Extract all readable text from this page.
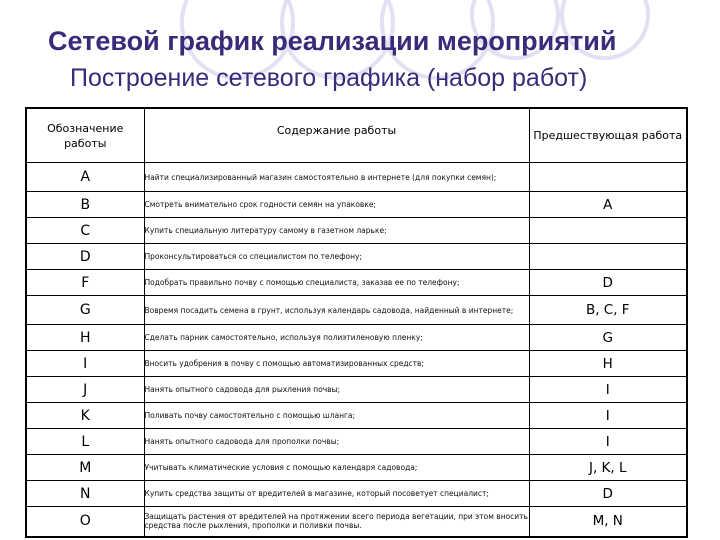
Сетевой график реализации мероприятий
Построение сетевого графика (набор работ)
Обозначение работы	Содержание работы	Предшествующая работа
A	Найти специализированный магазин самостоятельно в интернете (для покупки семян);	
B	Смотреть внимательно срок годности семян на упаковке;	A
C	Купить специальную литературу самому в газетном ларьке;	
D	Проконсультироваться со специалистом по телефону;	
F	Подобрать правильно почву с помощью специалиста, заказав ее по телефону;	D
G	Вовремя посадить семена в грунт, используя календарь садовода, найденный в интернете;	B, C, F
H	Сделать парник самостоятельно, используя полиэтиленовую пленку;	G
I	Вносить удобрения в почву с помощью автоматизированных средств;	H
J	Нанять опытного садовода для рыхления почвы;	I
K	Поливать почву самостоятельно с помощью шланга;	I
L	Нанять опытного садовода для прополки почвы;	I
M	Учитывать климатические условия с помощью календаря садовода;	J, K, L
N	Купить средства защиты от вредителей в магазине, который посоветует специалист;	D
O	Защищать растения от вредителей на протяжении всего периода вегетации, при этом вносить средства после рыхления, прополки и поливки почвы.	M, N
